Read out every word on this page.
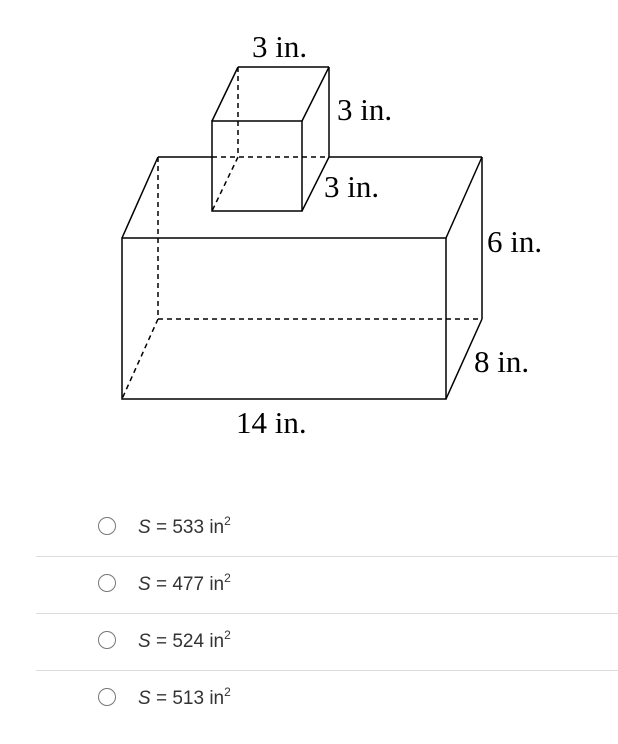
3 in.
3 in.
3 in.
6 in.
8 in.
14 in.
S = 533 $in^2$
S = 477 $in^2$
S = 524 $in^2$
S = 513 $in^2$
